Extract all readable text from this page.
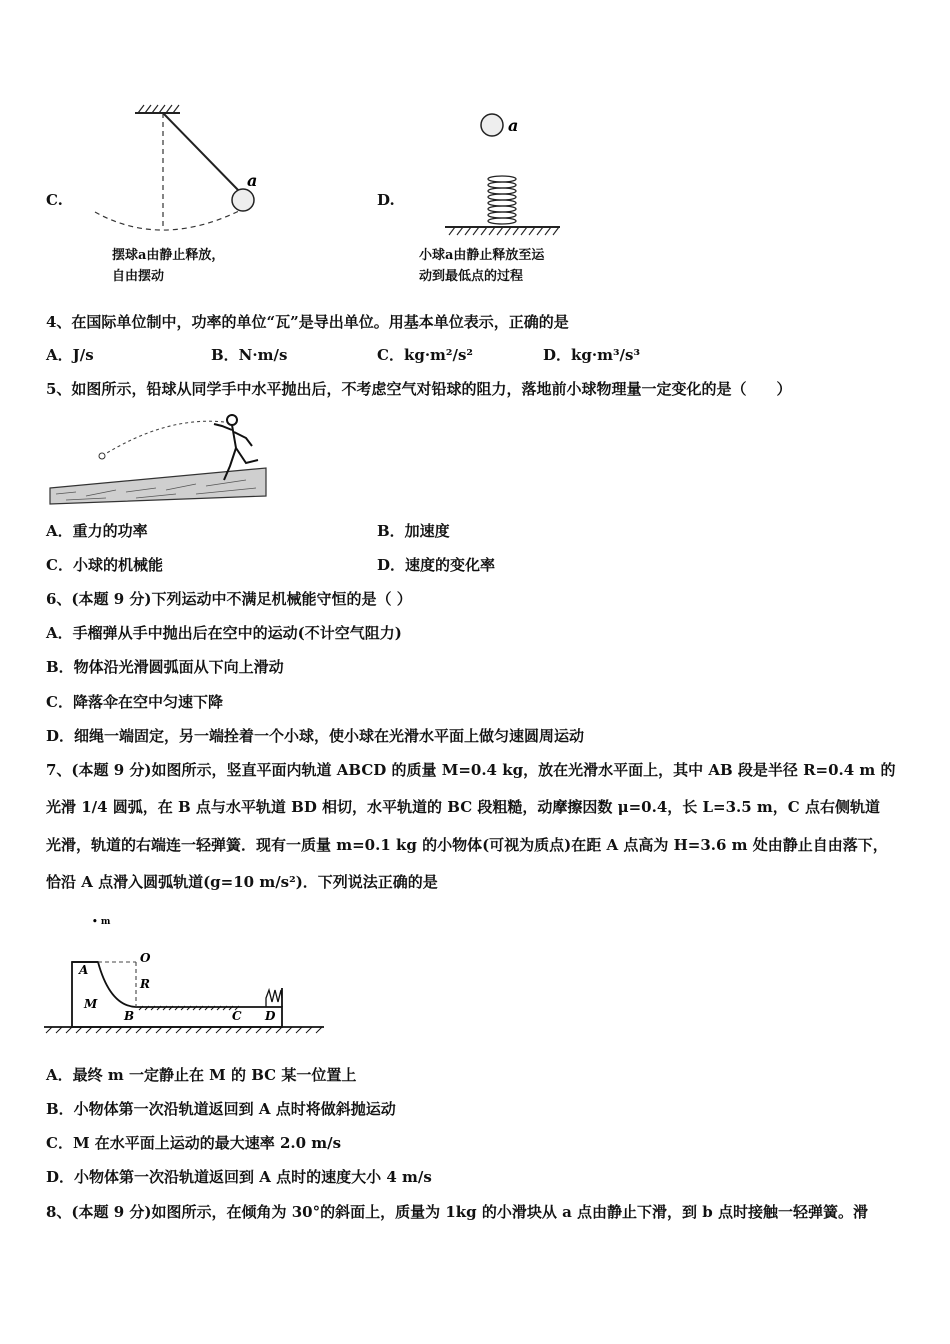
C.
a
摆球a由静止释放，
自由摆动
D.
a
小球a由静止释放至运
动到最低点的过程
4、在国际单位制中，功率的单位“瓦”是导出单位。用基本单位表示，正确的是
A．J/s	B．N·m/s	C．kg·m²/s²	D．kg·m³/s³
5、如图所示，铅球从同学手中水平抛出后，不考虑空气对铅球的阻力，落地前小球物理量一定变化的是（　　）
A．重力的功率	B．加速度
C．小球的机械能	D．速度的变化率
6、(本题 9 分)下列运动中不满足机械能守恒的是（ ）
A．手榴弹从手中抛出后在空中的运动(不计空气阻力)
B．物体沿光滑圆弧面从下向上滑动
C．降落伞在空中匀速下降
D．细绳一端固定，另一端拴着一个小球，使小球在光滑水平面上做匀速圆周运动
7、(本题 9 分)如图所示，竖直平面内轨道 ABCD 的质量 M=0.4 kg，放在光滑水平面上，其中 AB 段是半径 R=0.4 m 的
光滑 1/4 圆弧，在 B 点与水平轨道 BD 相切，水平轨道的 BC 段粗糙，动摩擦因数 μ=0.4，长 L=3.5 m，C 点右侧轨道
光滑，轨道的右端连一轻弹簧．现有一质量 m=0.1 kg 的小物体(可视为质点)在距 A 点高为 H=3.6 m 处由静止自由落下，
恰沿 A 点滑入圆弧轨道(g=10 m/s²)．下列说法正确的是
• m
A
O
R
M
B	C D
A．最终 m 一定静止在 M 的 BC 某一位置上
B．小物体第一次沿轨道返回到 A 点时将做斜抛运动
C．M 在水平面上运动的最大速率 2.0 m/s
D．小物体第一次沿轨道返回到 A 点时的速度大小 4 m/s
8、(本题 9 分)如图所示，在倾角为 30°的斜面上，质量为 1kg 的小滑块从 a 点由静止下滑，到 b 点时接触一轻弹簧。滑
